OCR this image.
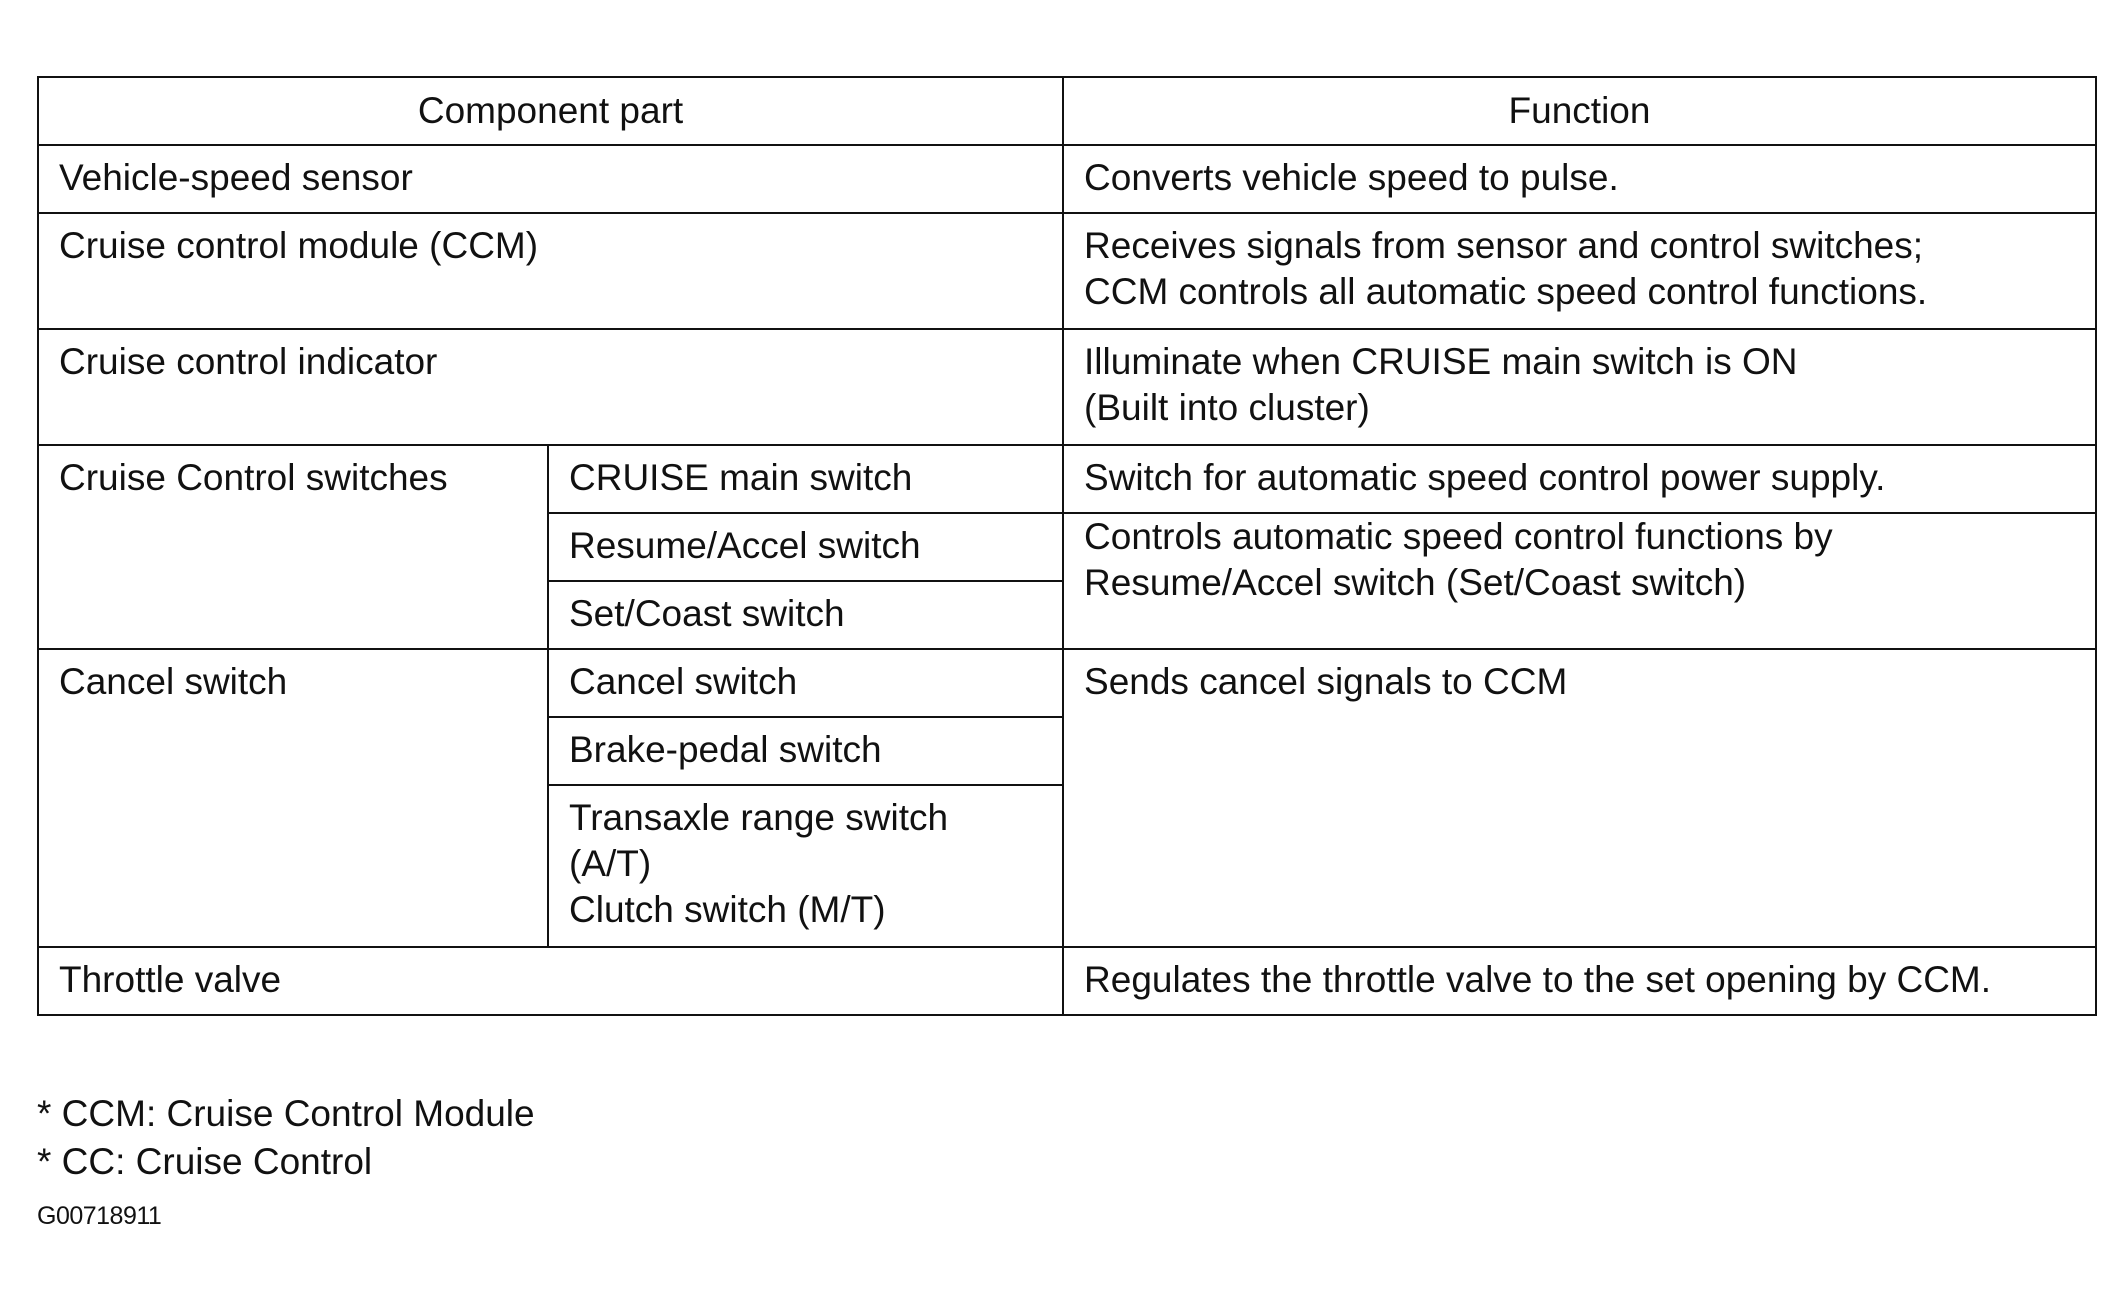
Component part		Function

Vehicle-speed sensor		Converts vehicle speed to pulse.

Cruise control module (CCM)		Receives signals from sensor and control switches;
CCM controls all automatic speed control functions.

Cruise control indicator		Illuminate when CRUISE main switch is ON
(Built into cluster)

Cruise Control switches	CRUISE main switch	Switch for automatic speed control power supply.

	Resume/Accel switch	Controls automatic speed control functions by
Resume/Accel switch (Set/Coast switch)

	Set/Coast switch	

Cancel switch	Cancel switch	Sends cancel signals to CCM

	Brake-pedal switch	

	Transaxle range switch
(A/T)
Clutch switch (M/T)	

Throttle valve		Regulates the throttle valve to the set opening by CCM.
* CCM: Cruise Control Module
* CC: Cruise Control
G00718911
